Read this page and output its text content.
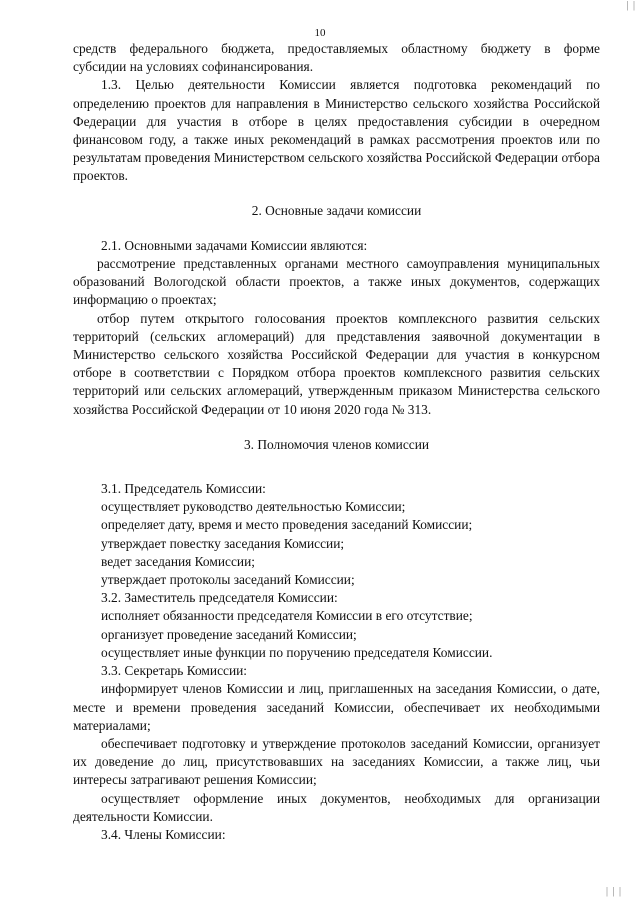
| |
10

средств федерального бюджета, предоставляемых областному бюджету в форме

субсидии на условиях софинансирования.

1.3. Целью деятельности Комиссии является подготовка рекомендаций по определению проектов для направления в Министерство сельского хозяйства Российской Федерации для участия в отборе в целях предоставления субсидии в очередном финансовом году, а также иных рекомендаций в рамках рассмотрения проектов или по результатам проведения Министерством сельского хозяйства Российской Федерации отбора проектов.

2. Основные задачи комиссии

2.1. Основными задачами Комиссии являются:

рассмотрение представленных органами местного самоуправления муниципальных образований Вологодской области проектов, а также иных документов, содержащих информацию о проектах;

отбор путем открытого голосования проектов комплексного развития сельских территорий (сельских агломераций) для представления заявочной документации в Министерство сельского хозяйства Российской Федерации для участия в конкурсном отборе в соответствии с Порядком отбора проектов комплексного развития сельских территорий или сельских агломераций, утвержденным приказом Министерства сельского хозяйства Российской Федерации от 10 июня 2020 года № 313.

3. Полномочия членов комиссии

3.1. Председатель Комиссии:

осуществляет руководство деятельностью Комиссии;

определяет дату, время и место проведения заседаний Комиссии;

утверждает повестку заседания Комиссии;

ведет заседания Комиссии;

утверждает протоколы заседаний Комиссии;

3.2. Заместитель председателя Комиссии:

исполняет обязанности председателя Комиссии в его отсутствие;

организует проведение заседаний Комиссии;

осуществляет иные функции по поручению председателя Комиссии.

3.3. Секретарь Комиссии:

информирует членов Комиссии и лиц, приглашенных на заседания Комиссии, о дате, месте и времени проведения заседаний Комиссии, обеспечивает их необходимыми материалами;

обеспечивает подготовку и утверждение протоколов заседаний Комиссии, организует их доведение до лиц, присутствовавших на заседаниях Комиссии, а также лиц, чьи интересы затрагивают решения Комиссии;

осуществляет оформление иных документов, необходимых для организации деятельности Комиссии.

3.4. Члены Комиссии:

| | |
